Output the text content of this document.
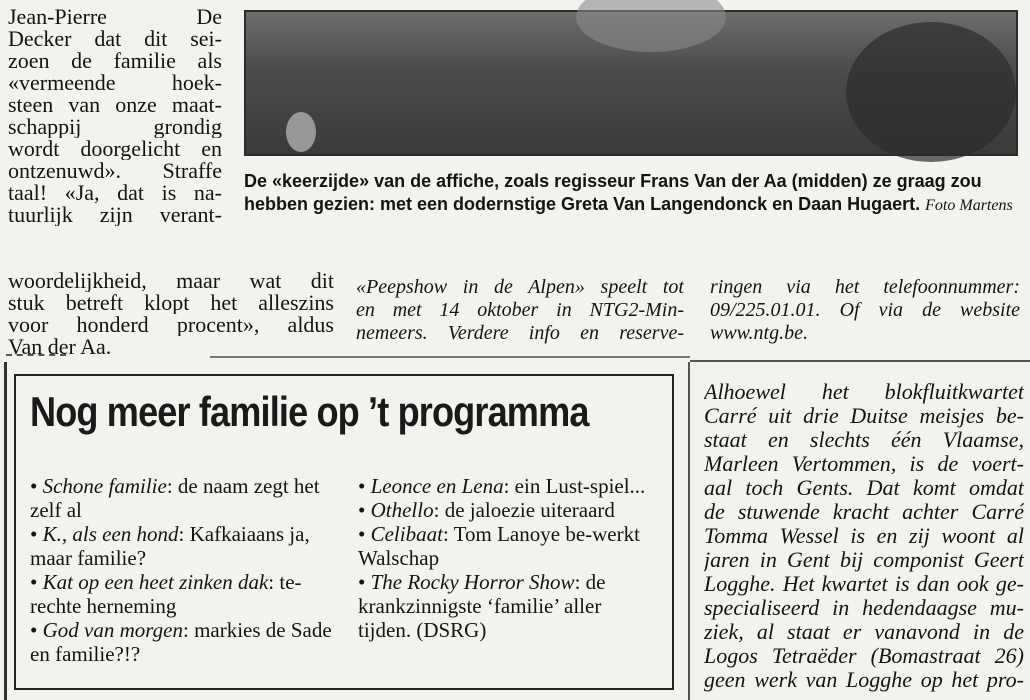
Jean-Pierre De
Decker dat dit sei-
zoen de familie als
«vermeende hoek-
steen van onze maat-
schappij grondig
wordt doorgelicht en
ontzenuwd». Straffe
taal! «Ja, dat is na-
tuurlijk zijn verant-
woordelijkheid, maar wat dit
stuk betreft klopt het alleszins
voor honderd procent», aldus
Van der Aa.
De «keerzijde» van de affiche, zoals regisseur Frans Van der Aa (midden) ze graag zou hebben gezien: met een dodernstige Greta Van Langendonck en Daan Hugaert. Foto Martens
«Peepshow in de Alpen» speelt tot
en met 14 oktober in NTG2-Min-
nemeers. Verdere info en reserve-
ringen via het telefoonnummer:
09/225.01.01. Of via de website
www.ntg.be.
Nog meer familie op ’t programma
• Schone familie: de naam zegt het zelf al
• K., als een hond: Kafkaiaans ja, maar familie?
• Kat op een heet zinken dak: te-rechte herneming
• God van morgen: markies de Sade en familie?!?
• Leonce en Lena: ein Lust-spiel...
• Othello: de jaloezie uiteraard
• Celibaat: Tom Lanoye be-werkt Walschap
• The Rocky Horror Show: de krankzinnigste ‘familie’ aller tijden. (DSRG)
Alhoewel het blokfluitkwartet
Carré uit drie Duitse meisjes be-
staat en slechts één Vlaamse,
Marleen Vertommen, is de voert-
aal toch Gents. Dat komt omdat
de stuwende kracht achter Carré
Tomma Wessel is en zij woont al
jaren in Gent bij componist Geert
Logghe. Het kwartet is dan ook ge-
specialiseerd in hedendaagse mu-
ziek, al staat er vanavond in de
Logos Tetraëder (Bomastraat 26)
geen werk van Logghe op het pro-
